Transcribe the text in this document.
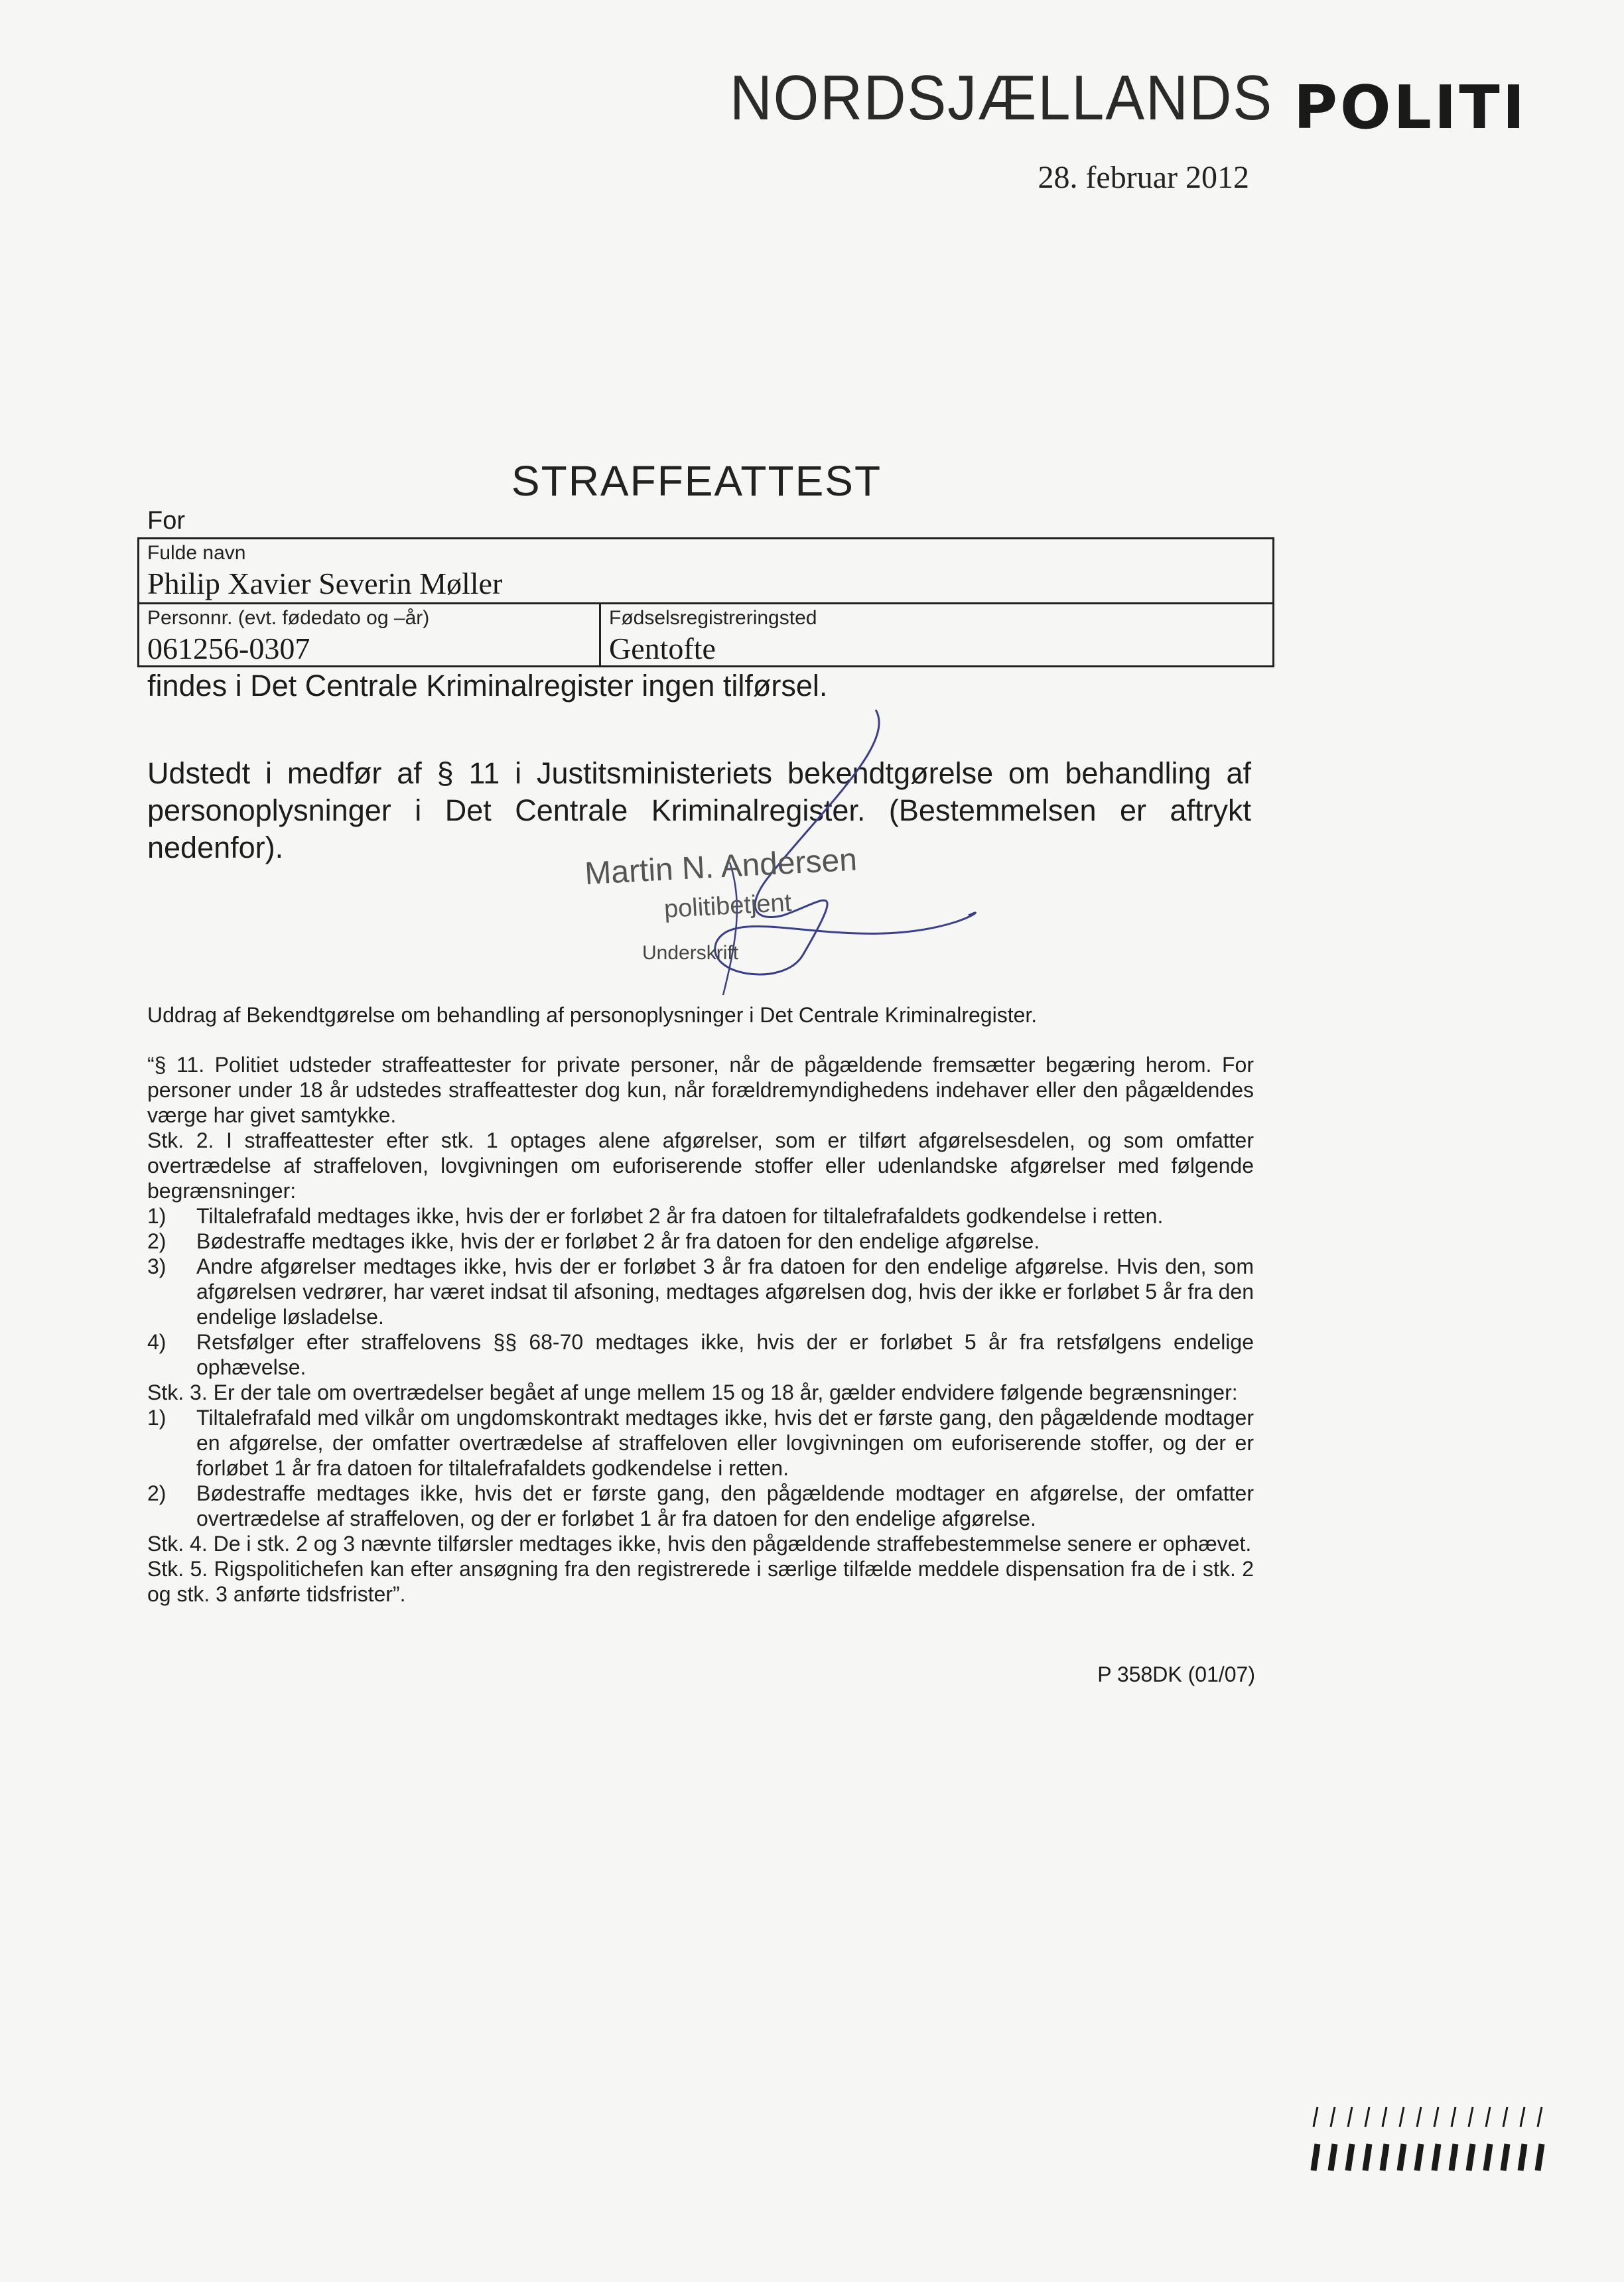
NORDSJÆLLANDS POLITI
28. februar 2012
STRAFFEATTEST
For
Fulde navn
Philip Xavier Severin Møller
Personnr. (evt. fødedato og –år)
061256-0307
Fødselsregistreringsted
Gentofte
findes i Det Centrale Kriminalregister ingen tilførsel.
Udstedt i medfør af § 11 i Justitsministeriets bekendtgørelse om behandling af personoplysninger i Det Centrale Kriminalregister. (Bestemmelsen er aftrykt nedenfor).	Martin N. Andersen
politibetjent
Underskrift
Uddrag af Bekendtgørelse om behandling af personoplysninger i Det Centrale Kriminalregister.

“§ 11. Politiet udsteder straffeattester for private personer, når de pågældende fremsætter begæring herom. For personer under 18 år udstedes straffeattester dog kun, når forældremyndighedens indehaver eller den pågældendes værge har givet samtykke.

Stk. 2. I straffeattester efter stk. 1 optages alene afgørelser, som er tilført afgørelsesdelen, og som omfatter overtrædelse af straffeloven, lovgivningen om euforiserende stoffer eller udenlandske afgørelser med følgende begrænsninger:

1)	Tiltalefrafald medtages ikke, hvis der er forløbet 2 år fra datoen for tiltalefrafaldets godkendelse i retten.
2)	Bødestraffe medtages ikke, hvis der er forløbet 2 år fra datoen for den endelige afgørelse.
3)	Andre afgørelser medtages ikke, hvis der er forløbet 3 år fra datoen for den endelige afgørelse. Hvis den, som afgørelsen vedrører, har været indsat til afsoning, medtages afgørelsen dog, hvis der ikke er forløbet 5 år fra den endelige løsladelse.
4)	Retsfølger efter straffelovens §§ 68-70 medtages ikke, hvis der er forløbet 5 år fra retsfølgens endelige ophævelse.

Stk. 3. Er der tale om overtrædelser begået af unge mellem 15 og 18 år, gælder endvidere følgende begrænsninger:

1)	Tiltalefrafald med vilkår om ungdomskontrakt medtages ikke, hvis det er første gang, den pågældende modtager en afgørelse, der omfatter overtrædelse af straffeloven eller lovgivningen om euforiserende stoffer, og der er forløbet 1 år fra datoen for tiltalefrafaldets godkendelse i retten.
2)	Bødestraffe medtages ikke, hvis det er første gang, den pågældende modtager en afgørelse, der omfatter overtrædelse af straffeloven, og der er forløbet 1 år fra datoen for den endelige afgørelse.

Stk. 4. De i stk. 2 og 3 nævnte tilførsler medtages ikke, hvis den pågældende straffebestemmelse senere er ophævet.

Stk. 5. Rigspolitichefen kan efter ansøgning fra den registrerede i særlige tilfælde meddele dispensation fra de i stk. 2 og stk. 3 anførte tidsfrister”.

P 358DK (01/07)
